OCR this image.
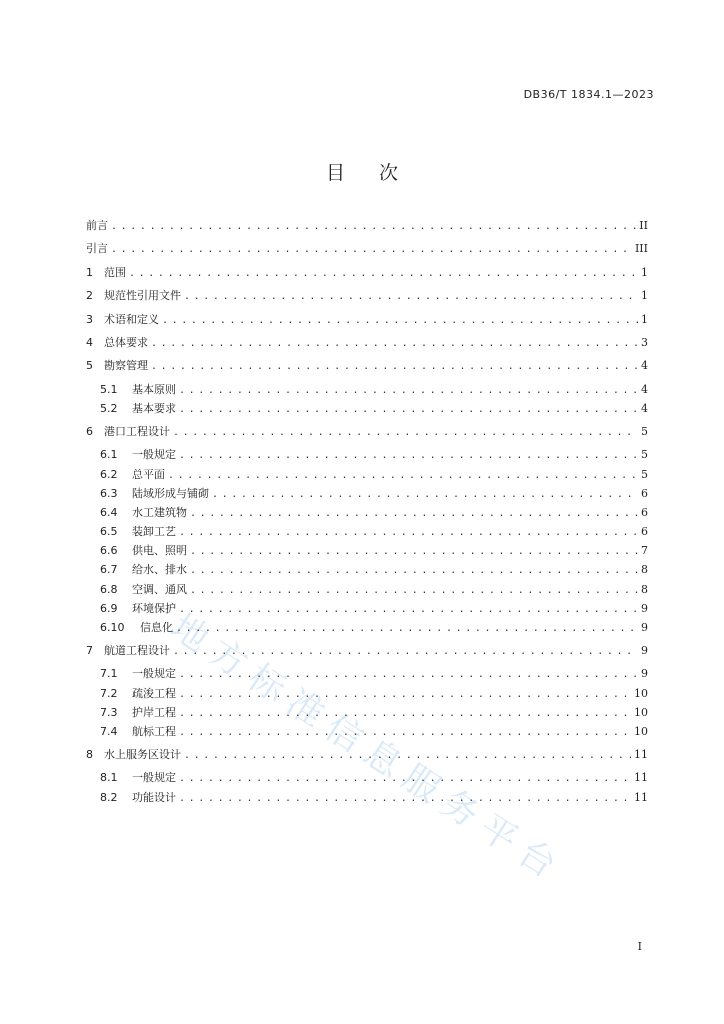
DB36/T 1834.1—2023
目 次
地方标准信息服务平台
前言 . . .	II
引言 . . .	III
1	范围 . . .	1
2	规范性引用文件 . . .	1
3	术语和定义 . . .	1
4	总体要求 . . .	3
5	勘察管理 . . .	4
5.1	基本原则 . . .	4
5.2	基本要求 . . .	4
6	港口工程设计 . . .	5
6.1	一般规定 . . .	5
6.2	总平面 . . .	5
6.3	陆域形成与铺砌 . . .	6
6.4	水工建筑物 . . .	6
6.5	装卸工艺 . . .	6
6.6	供电、照明 . . .	7
6.7	给水、排水 . . .	8
6.8	空调、通风 . . .	8
6.9	环境保护 . . .	9
6.10	信息化 . . .	9
7	航道工程设计 . . .	9
7.1	一般规定 . . .	9
7.2	疏浚工程 . . .	10
7.3	护岸工程 . . .	10
7.4	航标工程 . . .	10
8	水上服务区设计 . . .	11
8.1	一般规定 . . .	11
8.2	功能设计 . . .	11
I
